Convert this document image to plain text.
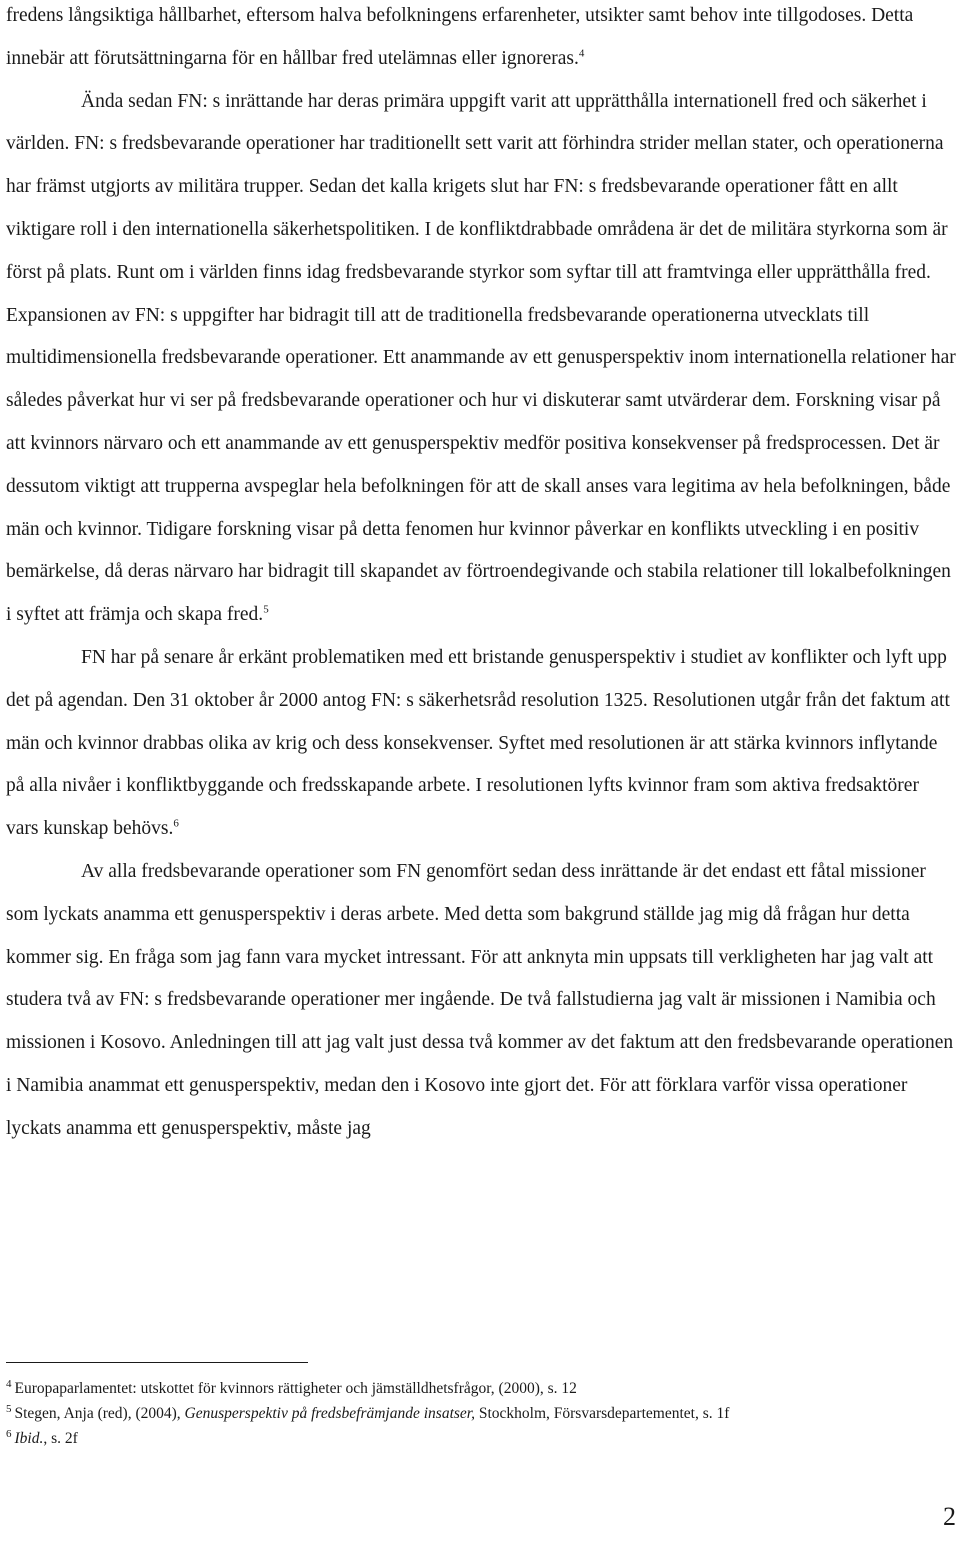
fredens långsiktiga hållbarhet, eftersom halva befolkningens erfarenheter, utsikter samt behov inte tillgodoses. Detta innebär att förutsättningarna för en hållbar fred utelämnas eller ignoreras.$^4$

Ända sedan FN: s inrättande har deras primära uppgift varit att upprätthålla internationell fred och säkerhet i världen. FN: s fredsbevarande operationer har traditionellt sett varit att förhindra strider mellan stater, och operationerna har främst utgjorts av militära trupper. Sedan det kalla krigets slut har FN: s fredsbevarande operationer fått en allt viktigare roll i den internationella säkerhetspolitiken. I de konfliktdrabbade områdena är det de militära styrkorna som är först på plats. Runt om i världen finns idag fredsbevarande styrkor som syftar till att framtvinga eller upprätthålla fred. Expansionen av FN: s uppgifter har bidragit till att de traditionella fredsbevarande operationerna utvecklats till multidimensionella fredsbevarande operationer. Ett anammande av ett genusperspektiv inom internationella relationer har således påverkat hur vi ser på fredsbevarande operationer och hur vi diskuterar samt utvärderar dem. Forskning visar på att kvinnors närvaro och ett anammande av ett genusperspektiv medför positiva konsekvenser på fredsprocessen. Det är dessutom viktigt att trupperna avspeglar hela befolkningen för att de skall anses vara legitima av hela befolkningen, både män och kvinnor. Tidigare forskning visar på detta fenomen hur kvinnor påverkar en konflikts utveckling i en positiv bemärkelse, då deras närvaro har bidragit till skapandet av förtroendegivande och stabila relationer till lokalbefolkningen i syftet att främja och skapa fred.$^5$

FN har på senare år erkänt problematiken med ett bristande genusperspektiv i studiet av konflikter och lyft upp det på agendan. Den 31 oktober år 2000 antog FN: s säkerhetsråd resolution 1325. Resolutionen utgår från det faktum att män och kvinnor drabbas olika av krig och dess konsekvenser. Syftet med resolutionen är att stärka kvinnors inflytande på alla nivåer i konfliktbyggande och fredsskapande arbete. I resolutionen lyfts kvinnor fram som aktiva fredsaktörer vars kunskap behövs.$^6$

Av alla fredsbevarande operationer som FN genomfört sedan dess inrättande är det endast ett fåtal missioner som lyckats anamma ett genusperspektiv i deras arbete. Med detta som bakgrund ställde jag mig då frågan hur detta kommer sig. En fråga som jag fann vara mycket intressant. För att anknyta min uppsats till verkligheten har jag valt att studera två av FN: s fredsbevarande operationer mer ingående. De två fallstudierna jag valt är missionen i Namibia och missionen i Kosovo. Anledningen till att jag valt just dessa två kommer av det faktum att den fredsbevarande operationen i Namibia anammat ett genusperspektiv, medan den i Kosovo inte gjort det. För att förklara varför vissa operationer lyckats anamma ett genusperspektiv, måste jag

$^4$ Europaparlamentet: utskottet för kvinnors rättigheter och jämställdhetsfrågor, (2000), s. 12

$^5$ Stegen, Anja (red), (2004), Genusperspektiv på fredsbefrämjande insatser, Stockholm, Försvarsdepartementet, s. 1f

$^6$ Ibid., s. 2f

2
